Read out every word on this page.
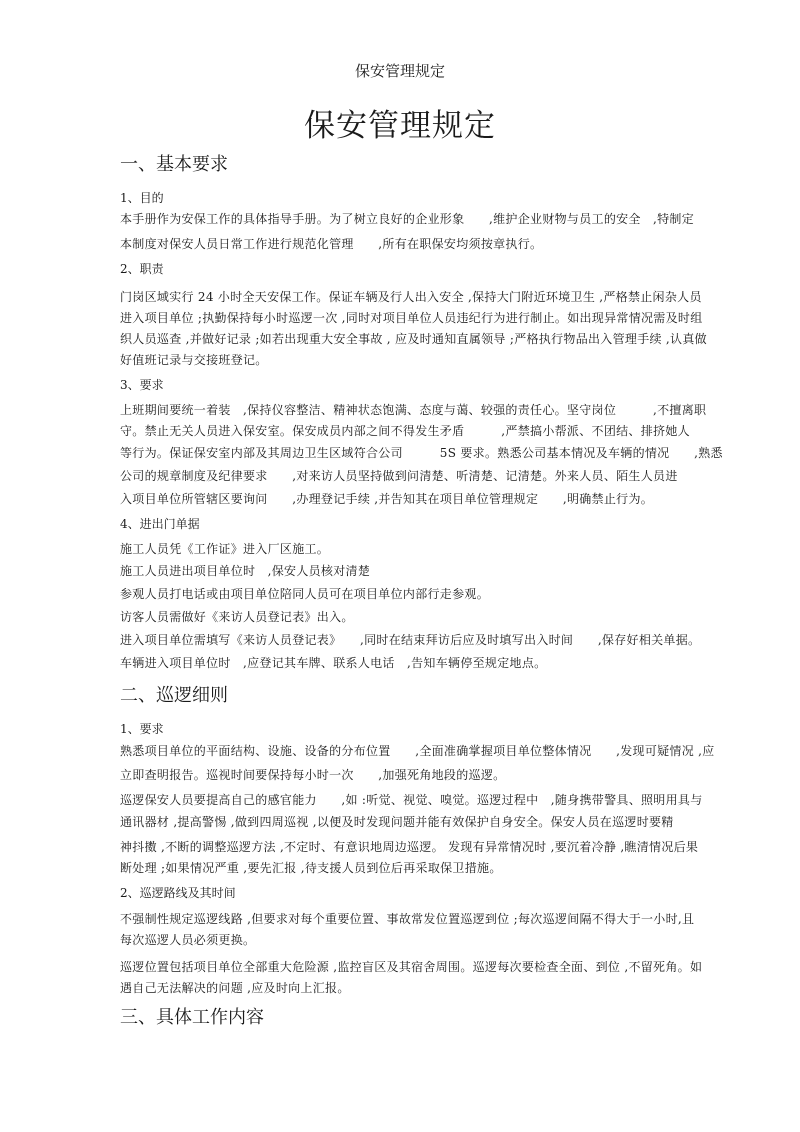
保安管理规定
保安管理规定
一、基本要求
1、目的
本手册作为安保工作的具体指导手册。为了树立良好的企业形象　　,维护企业财物与员工的安全　,特制定
本制度对保安人员日常工作进行规范化管理　　,所有在职保安均须按章执行。
2、职责
门岗区域实行 24 小时全天安保工作。保证车辆及行人出入安全 ,保持大门附近环境卫生 ,严格禁止闲杂人员
进入项目单位 ;执勤保持每小时巡逻一次 ,同时对项目单位人员违纪行为进行制止。如出现异常情况需及时组
织人员巡查 ,并做好记录 ;如若出现重大安全事故 , 应及时通知直属领导 ;严格执行物品出入管理手续 ,认真做
好值班记录与交接班登记。
3、要求
上班期间要统一着装　,保持仪容整洁、精神状态饱满、态度与蔼、较强的责任心。坚守岗位　　　,不擅离职
守。禁止无关人员进入保安室。保安成员内部之间不得发生矛盾　　　,严禁搞小帮派、不团结、排挤她人
等行为。保证保安室内部及其周边卫生区域符合公司　　　5S 要求。熟悉公司基本情况及车辆的情况　　,熟悉
公司的规章制度及纪律要求　　,对来访人员坚持做到问清楚、听清楚、记清楚。外来人员、陌生人员进
入项目单位所管辖区要询问　　,办理登记手续 ,并告知其在项目单位管理规定　　,明确禁止行为。
4、进出门单据
施工人员凭《工作证》进入厂区施工。
施工人员进出项目单位时　,保安人员核对清楚
参观人员打电话或由项目单位陪同人员可在项目单位内部行走参观。
访客人员需做好《来访人员登记表》出入。
进入项目单位需填写《来访人员登记表》　　,同时在结束拜访后应及时填写出入时间　　,保存好相关单据。
车辆进入项目单位时　,应登记其车牌、联系人电话　,告知车辆停至规定地点。
二、巡逻细则
1、要求
熟悉项目单位的平面结构、设施、设备的分布位置　　,全面准确掌握项目单位整体情况　　,发现可疑情况 ,应
立即查明报告。巡视时间要保持每小时一次　　,加强死角地段的巡逻。
巡逻保安人员要提高自己的感官能力　　,如 :听觉、视觉、嗅觉。巡逻过程中　,随身携带警具、照明用具与
通讯器材 ,提高警惕 ,做到四周巡视 ,以便及时发现问题并能有效保护自身安全。保安人员在巡逻时要精
神抖擞 ,不断的调整巡逻方法 ,不定时、有意识地周边巡逻。 发现有异常情况时 ,要沉着冷静 ,瞧清情况后果
断处理 ;如果情况严重 ,要先汇报 ,待支援人员到位后再采取保卫措施。
2、巡逻路线及其时间
不强制性规定巡逻线路 ,但要求对每个重要位置、事故常发位置巡逻到位 ;每次巡逻间隔不得大于一小时,且
每次巡逻人员必须更换。
巡逻位置包括项目单位全部重大危险源 ,监控盲区及其宿舍周围。巡逻每次要检查全面、到位 ,不留死角。如
遇自己无法解决的问题 ,应及时向上汇报。
三、具体工作内容
